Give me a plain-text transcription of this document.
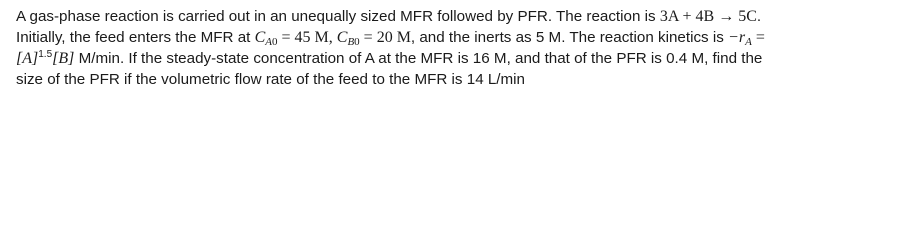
A gas-phase reaction is carried out in an unequally sized MFR followed by PFR. The reaction is 3A + 4B → 5C.
Initially, the feed enters the MFR at $C_{A0} = 45$ M, $C_{B0} = 20$ M, and the inerts as 5 M. The reaction kinetics is $-r_A$ =
$[A]^{1.5}[B]$ M/min. If the steady-state concentration of A at the MFR is 16 M, and that of the PFR is 0.4 M, find the
size of the PFR if the volumetric flow rate of the feed to the MFR is 14 L/min
